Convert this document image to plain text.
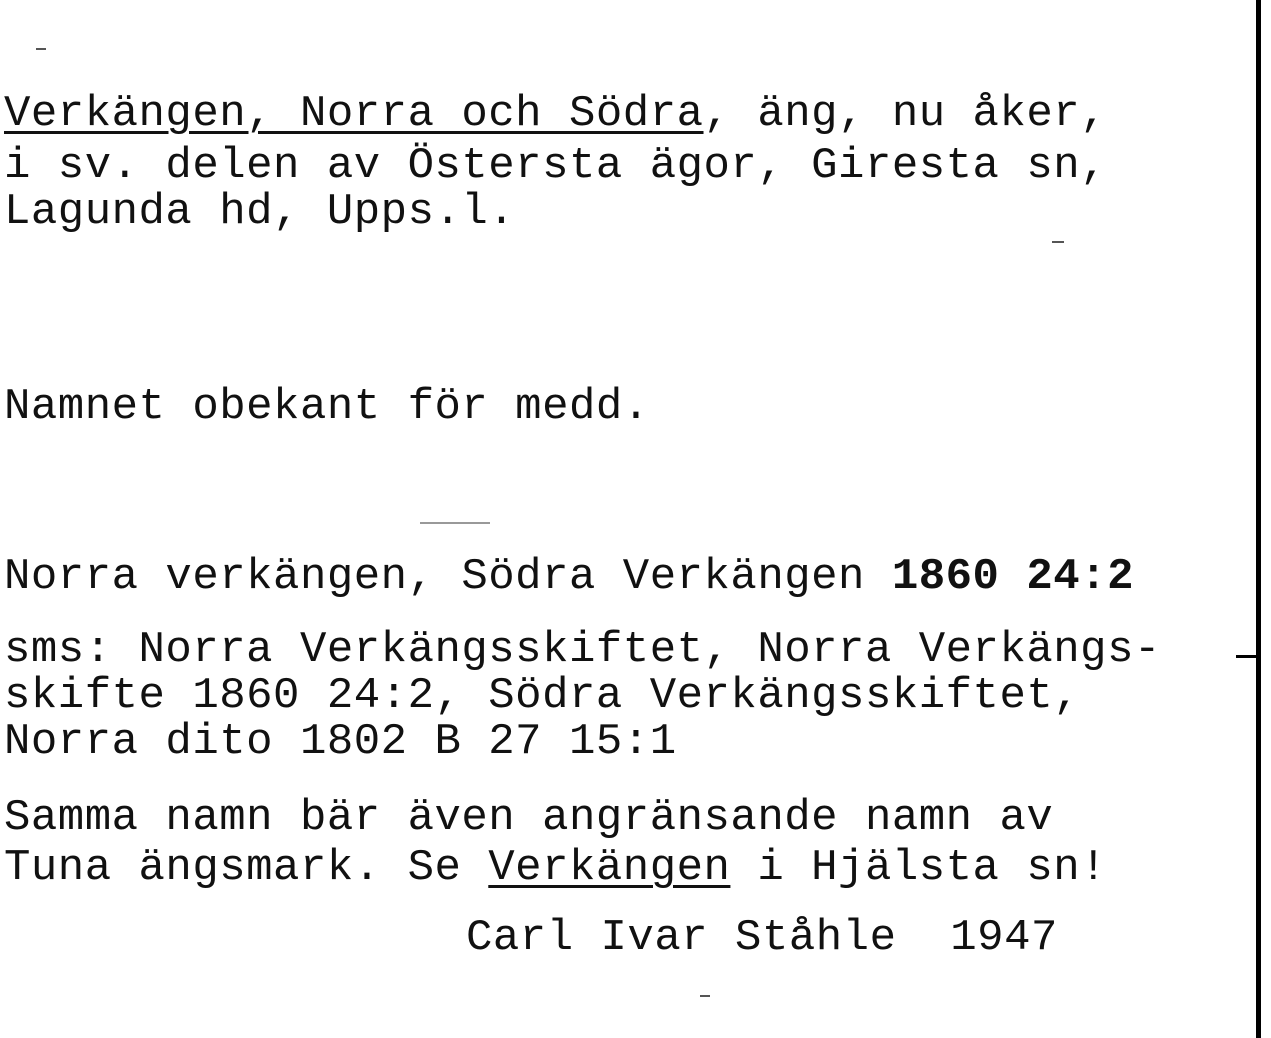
Verkängen, Norra och Södra, äng, nu åker,
i sv. delen av Östersta ägor, Giresta sn,
Lagunda hd, Upps.l.
Namnet obekant för medd.
Norra verkängen, Södra Verkängen 1860 24:2
sms: Norra Verkängsskiftet, Norra Verkängs-
skifte 1860 24:2, Södra Verkängsskiftet,
Norra dito 1802 B 27 15:1
Samma namn bär även angränsande namn av
Tuna ängsmark. Se Verkängen i Hjälsta sn!
Carl Ivar Ståhle 1947
